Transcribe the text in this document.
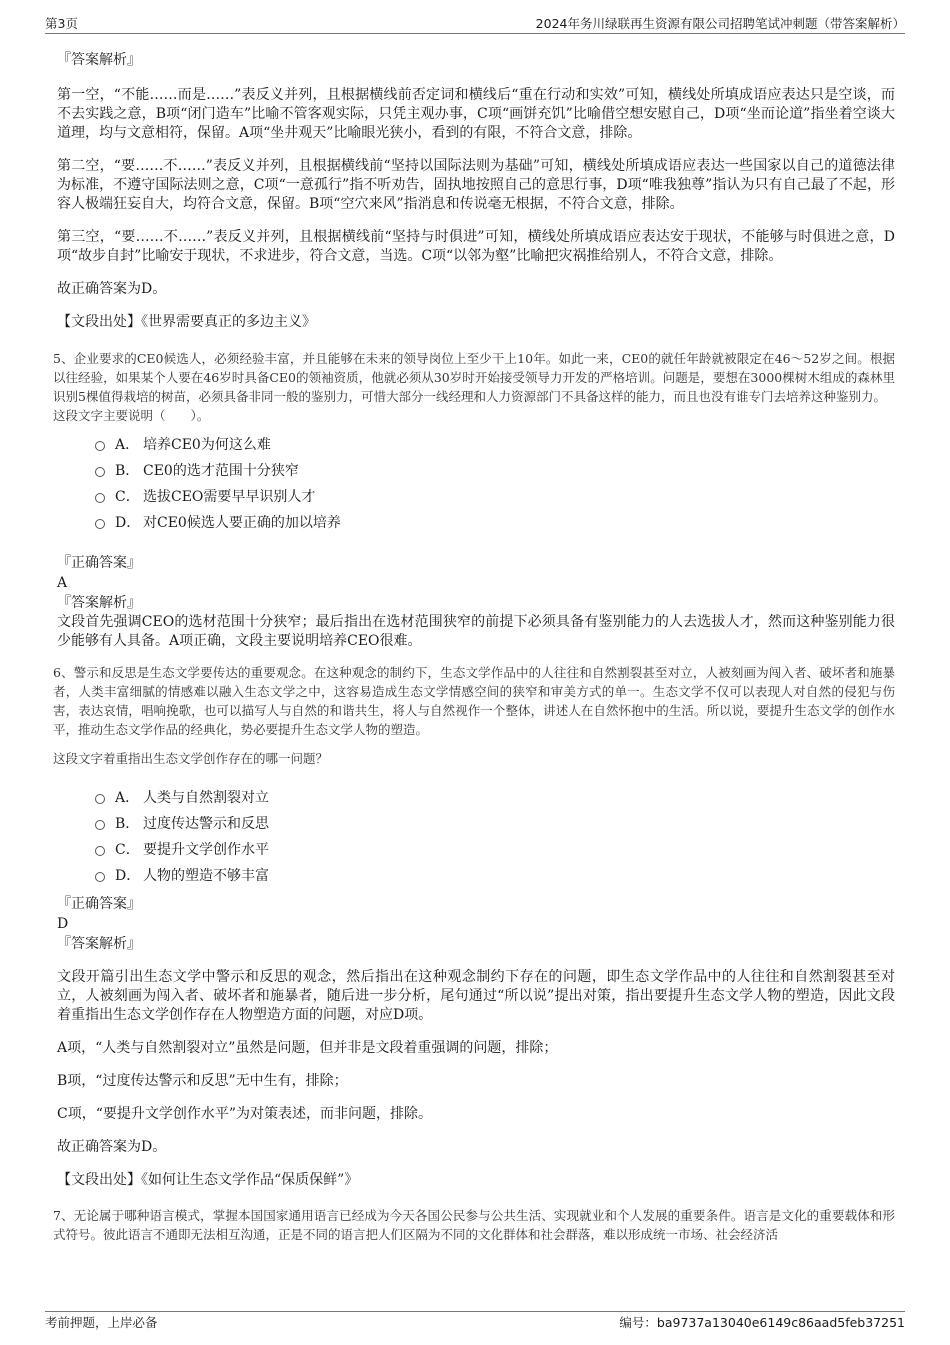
第3页	2024年务川绿联再生资源有限公司招聘笔试冲刺题（带答案解析）
『答案解析』
第一空，“不能……而是……”表反义并列，且根据横线前否定词和横线后“重在行动和实效”可知，横线处所填成语应表达只是空谈，而不去实践之意，B项“闭门造车”比喻不管客观实际，只凭主观办事，C项“画饼充饥”比喻借空想安慰自己，D项“坐而论道”指坐着空谈大道理，均与文意相符，保留。A项“坐井观天”比喻眼光狭小，看到的有限，不符合文意，排除。
第二空，“要……不……”表反义并列，且根据横线前“坚持以国际法则为基础”可知，横线处所填成语应表达一些国家以自己的道德法律为标准，不遵守国际法则之意，C项“一意孤行”指不听劝告，固执地按照自己的意思行事，D项“唯我独尊”指认为只有自己最了不起，形容人极端狂妄自大，均符合文意，保留。B项“空穴来风”指消息和传说毫无根据，不符合文意，排除。
第三空，“要……不……”表反义并列，且根据横线前“坚持与时俱进”可知，横线处所填成语应表达安于现状，不能够与时俱进之意，D项“故步自封”比喻安于现状，不求进步，符合文意，当选。C项“以邻为壑”比喻把灾祸推给别人，不符合文意，排除。
故正确答案为D。
【文段出处】《世界需要真正的多边主义》
5、企业要求的CE0候选人，必须经验丰富，并且能够在未来的领导岗位上至少干上10年。如此一来，CE0的就任年龄就被限定在46～52岁之间。根据以往经验，如果某个人要在46岁时具备CE0的领袖资质，他就必须从30岁时开始接受领导力开发的严格培训。问题是，要想在3000棵树木组成的森林里识别5棵值得栽培的树苗，必须具备非同一般的鉴别力，可惜大部分一线经理和人力资源部门不具备这样的能力，而且也没有谁专门去培养这种鉴别力。
这段文字主要说明（　　）。
A． 培养CE0为何这么难
B． CE0的选才范围十分狭窄
C． 选拔CEO需要早早识别人才
D． 对CE0候选人要正确的加以培养
『正确答案』
A
『答案解析』
文段首先强调CEO的选材范围十分狭窄；最后指出在选材范围狭窄的前提下必须具备有鉴别能力的人去选拔人才，然而这种鉴别能力很少能够有人具备。A项正确，文段主要说明培养CEO很难。
6、警示和反思是生态文学要传达的重要观念。在这种观念的制约下，生态文学作品中的人往往和自然割裂甚至对立，人被刻画为闯入者、破坏者和施暴者，人类丰富细腻的情感难以融入生态文学之中，这容易造成生态文学情感空间的狭窄和审美方式的单一。生态文学不仅可以表现人对自然的侵犯与伤害，表达哀情，唱响挽歌，也可以描写人与自然的和谐共生，将人与自然视作一个整体，讲述人在自然怀抱中的生活。所以说，要提升生态文学的创作水平，推动生态文学作品的经典化，势必要提升生态文学人物的塑造。
这段文字着重指出生态文学创作存在的哪一问题？
A． 人类与自然割裂对立
B． 过度传达警示和反思
C． 要提升文学创作水平
D． 人物的塑造不够丰富
『正确答案』
D
『答案解析』
文段开篇引出生态文学中警示和反思的观念，然后指出在这种观念制约下存在的问题，即生态文学作品中的人往往和自然割裂甚至对立，人被刻画为闯入者、破坏者和施暴者，随后进一步分析，尾句通过“所以说”提出对策，指出要提升生态文学人物的塑造，因此文段着重指出生态文学创作存在人物塑造方面的问题，对应D项。
A项，“人类与自然割裂对立”虽然是问题，但并非是文段着重强调的问题，排除；
B项，“过度传达警示和反思”无中生有，排除；
C项，“要提升文学创作水平”为对策表述，而非问题，排除。
故正确答案为D。
【文段出处】《如何让生态文学作品“保质保鲜”》
7、无论属于哪种语言模式，掌握本国国家通用语言已经成为今天各国公民参与公共生活、实现就业和个人发展的重要条件。语言是文化的重要载体和形式符号。彼此语言不通即无法相互沟通，正是不同的语言把人们区隔为不同的文化群体和社会群落，难以形成统一市场、社会经济活
考前押题，上岸必备	编号：ba9737a13040e6149c86aad5feb37251
